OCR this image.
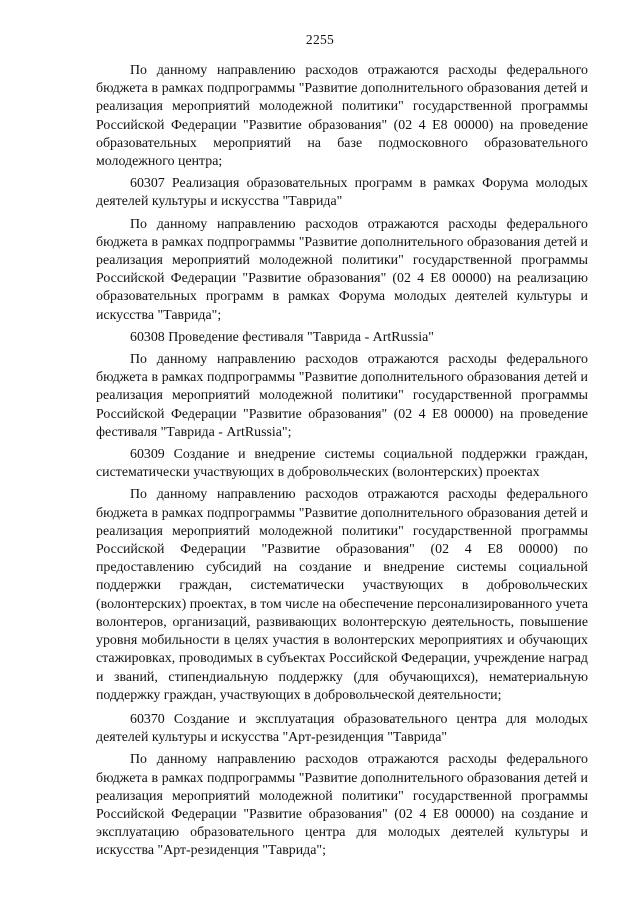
2255

По данному направлению расходов отражаются расходы федерального бюджета в рамках подпрограммы "Развитие дополнительного образования детей и реализация мероприятий молодежной политики" государственной программы Российской Федерации "Развитие образования" (02 4 Е8 00000) на проведение образовательных мероприятий на базе подмосковного образовательного молодежного центра;

60307 Реализация образовательных программ в рамках Форума молодых деятелей культуры и искусства "Таврида"

По данному направлению расходов отражаются расходы федерального бюджета в рамках подпрограммы "Развитие дополнительного образования детей и реализация мероприятий молодежной политики" государственной программы Российской Федерации "Развитие образования" (02 4 Е8 00000) на реализацию образовательных программ в рамках Форума молодых деятелей культуры и искусства "Таврида";

60308 Проведение фестиваля "Таврида - ArtRussia"

По данному направлению расходов отражаются расходы федерального бюджета в рамках подпрограммы "Развитие дополнительного образования детей и реализация мероприятий молодежной политики" государственной программы Российской Федерации "Развитие образования" (02 4 Е8 00000) на проведение фестиваля "Таврида - ArtRussia";

60309 Создание и внедрение системы социальной поддержки граждан, систематически участвующих в добровольческих (волонтерских) проектах

По данному направлению расходов отражаются расходы федерального бюджета в рамках подпрограммы "Развитие дополнительного образования детей и реализация мероприятий молодежной политики" государственной программы Российской Федерации "Развитие образования" (02 4 Е8 00000) по предоставлению субсидий на создание и внедрение системы социальной поддержки граждан, систематически участвующих в добровольческих (волонтерских) проектах, в том числе на обеспечение персонализированного учета волонтеров, организаций, развивающих волонтерскую деятельность, повышение уровня мобильности в целях участия в волонтерских мероприятиях и обучающих стажировках, проводимых в субъектах Российской Федерации, учреждение наград и званий, стипендиальную поддержку (для обучающихся), нематериальную поддержку граждан, участвующих в добровольческой деятельности;

60370 Создание и эксплуатация образовательного центра для молодых деятелей культуры и искусства "Арт-резиденция "Таврида"

По данному направлению расходов отражаются расходы федерального бюджета в рамках подпрограммы "Развитие дополнительного образования детей и реализация мероприятий молодежной политики" государственной программы Российской Федерации "Развитие образования" (02 4 Е8 00000) на создание и эксплуатацию образовательного центра для молодых деятелей культуры и искусства "Арт-резиденция "Таврида";
